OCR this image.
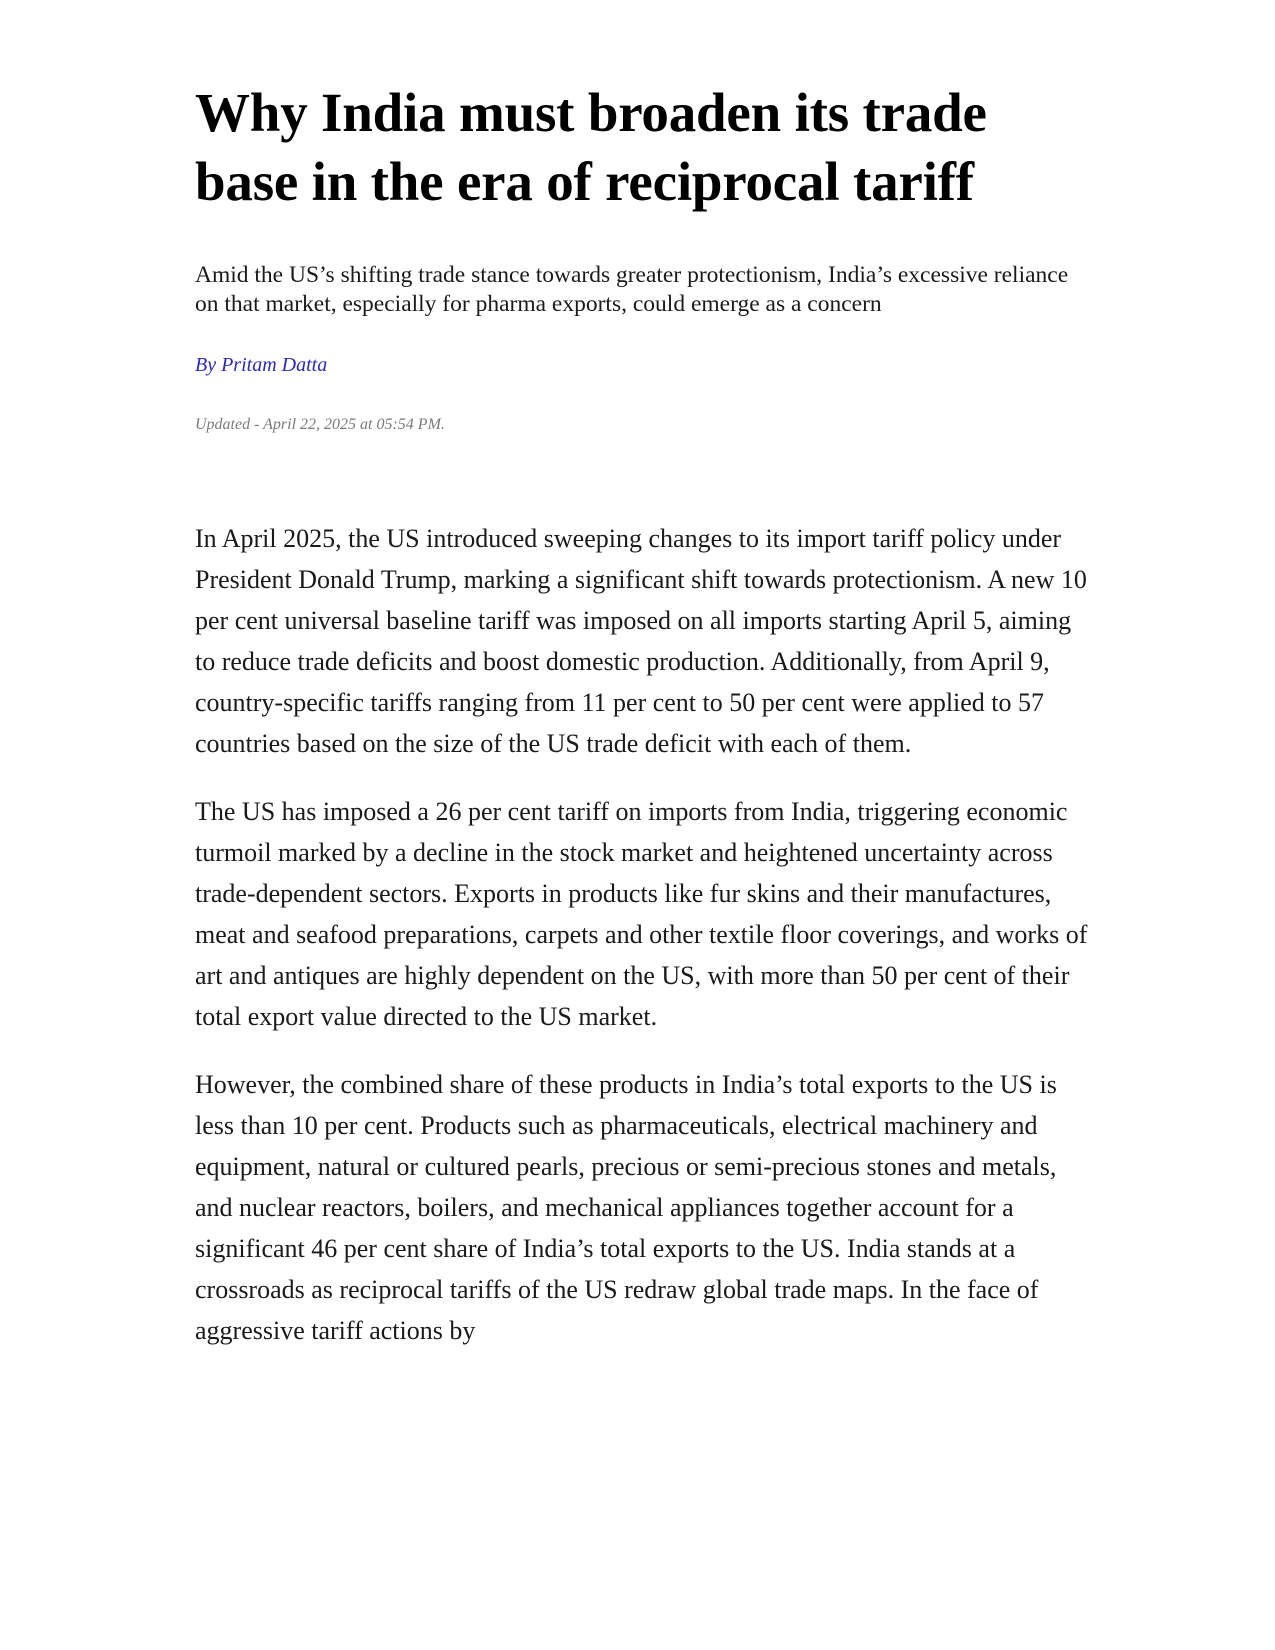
Why India must broaden its trade base in the era of reciprocal tariff

Amid the US’s shifting trade stance towards greater protectionism, India’s excessive reliance on that market, especially for pharma exports, could emerge as a concern

By Pritam Datta
Updated - April 22, 2025 at 05:54 PM.

In April 2025, the US introduced sweeping changes to its import tariff policy under President Donald Trump, marking a significant shift towards protectionism. A new 10 per cent universal baseline tariff was imposed on all imports starting April 5, aiming to reduce trade deficits and boost domestic production. Additionally, from April 9, country-specific tariffs ranging from 11 per cent to 50 per cent were applied to 57 countries based on the size of the US trade deficit with each of them.

The US has imposed a 26 per cent tariff on imports from India, triggering economic turmoil marked by a decline in the stock market and heightened uncertainty across trade-dependent sectors. Exports in products like fur skins and their manufactures, meat and seafood preparations, carpets and other textile floor coverings, and works of art and antiques are highly dependent on the US, with more than 50 per cent of their total export value directed to the US market.

However, the combined share of these products in India’s total exports to the US is less than 10 per cent. Products such as pharmaceuticals, electrical machinery and equipment, natural or cultured pearls, precious or semi-precious stones and metals, and nuclear reactors, boilers, and mechanical appliances together account for a significant 46 per cent share of India’s total exports to the US. India stands at a crossroads as reciprocal tariffs of the US redraw global trade maps. In the face of aggressive tariff actions by
